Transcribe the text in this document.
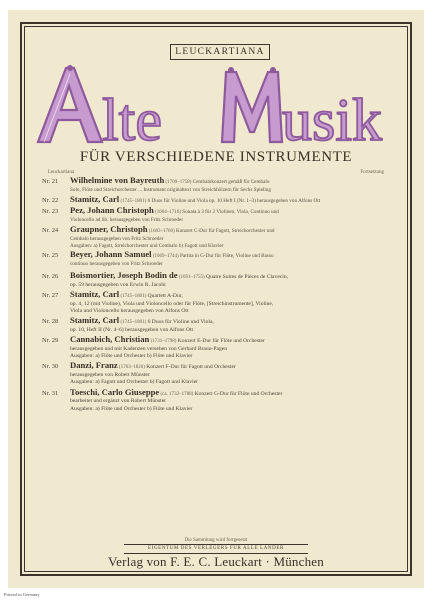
LEUCKARTIANA
lte usik
FÜR VERSCHIEDENE INSTRUMENTE
Leuckartiana	Fortsetzung
Nr. 21	Wilhelmine von Bayreuth (1709–1758) Cembalokonzert gemäß für Cembalo
Solo, Flöte und Streichorchester ... Instrument originaltext von Streichhölzern für Sechs Spieling
Nr. 22	Stamitz, Carl (1745–1801) 6 Duos für Violine und Viola op. 10 Heft I (Nr. 1–3) herausgegeben von Alfons Ott
Nr. 23	Pez, Johann Christoph (1664–1716) Sonata à 3 für 2 Violinen, Viola, Continuo und
Violoncello ad lib. herausgegeben von Fritz Schroeder
Nr. 24	Graupner, Christoph (1683–1760) Konzert C-Dur für Fagott, Streichorchester und
Cembalo herausgegeben von Fritz Schroeder
Ausgaben: a) Fagott, Streichorchester und Cembalo b) Fagott und Klavier
Nr. 25	Beyer, Johann Samuel (1669–1744) Partita in G-Dur für Flöte, Violine und Basso
continuo herausgegeben von Fritz Schroeder
Nr. 26	Boismortier, Joseph Bodin de (1691–1755) Quatre Suites de Pièces de Clavecin,
op. 59 herausgegeben von Erwin R. Jacobi
Nr. 27	Stamitz, Carl (1745–1801) Quartett A-Dur,
op. 4, 12 (mit Violine), Viola und Violoncello oder für Flöte, [Streichinstrumente], Violine,
Viola und Violoncello herausgegeben von Alfons Ott
Nr. 28	Stamitz, Carl (1745–1801) 6 Duos für Violine und Viola,
op. 10, Heft II (Nr. 4–6) herausgegeben von Alfons Ott
Nr. 29	Cannabich, Christian (1731–1798) Konzert E-Dur für Flöte und Orchester
herausgegeben und mit Kadenzen versehen von Gerhard Braun-Pagen
Ausgaben: a) Flöte und Orchester b) Flöte und Klavier
Nr. 30	Danzi, Franz (1763–1826) Konzert F-Dur für Fagott und Orchester
herausgegeben von Robert Münster
Ausgaben: a) Fagott und Orchester b) Fagott und Klavier
Nr. 31	Toeschi, Carlo Giuseppe (ca. 1732–1788) Konzert G-Dur für Flöte und Orchester
bearbeitet und ergänzt von Robert Münster
Ausgaben: a) Flöte und Orchester b) Flöte und Klavier
Die Sammlung wird fortgesetzt
EIGENTUM DES VERLEGERS FÜR ALLE LÄNDER
Verlag von F. E. C. Leuckart · München
Printed in Germany
